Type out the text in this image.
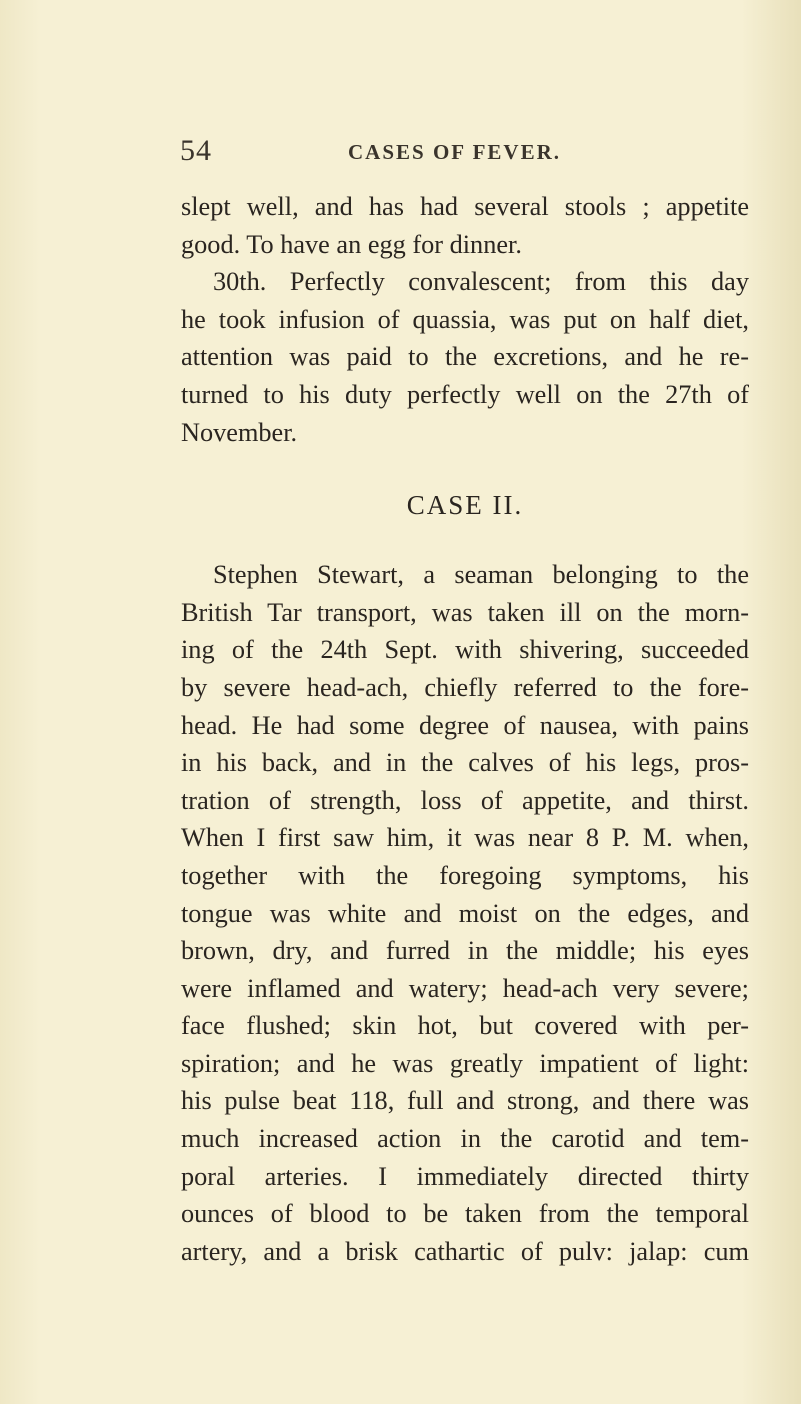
54	CASES OF FEVER.
slept well, and has had several stools ; appetite
good. To have an egg for dinner.
30th. Perfectly convalescent; from this day
he took infusion of quassia, was put on half diet,
attention was paid to the excretions, and he re-
turned to his duty perfectly well on the 27th of
November.
CASE II.
Stephen Stewart, a seaman belonging to the
British Tar transport, was taken ill on the morn-
ing of the 24th Sept. with shivering, succeeded
by severe head-ach, chiefly referred to the fore-
head. He had some degree of nausea, with pains
in his back, and in the calves of his legs, pros-
tration of strength, loss of appetite, and thirst.
When I first saw him, it was near 8 P. M. when,
together with the foregoing symptoms, his
tongue was white and moist on the edges, and
brown, dry, and furred in the middle; his eyes
were inflamed and watery; head-ach very severe;
face flushed; skin hot, but covered with per-
spiration; and he was greatly impatient of light:
his pulse beat 118, full and strong, and there was
much increased action in the carotid and tem-
poral arteries. I immediately directed thirty
ounces of blood to be taken from the temporal
artery, and a brisk cathartic of pulv: jalap: cum
